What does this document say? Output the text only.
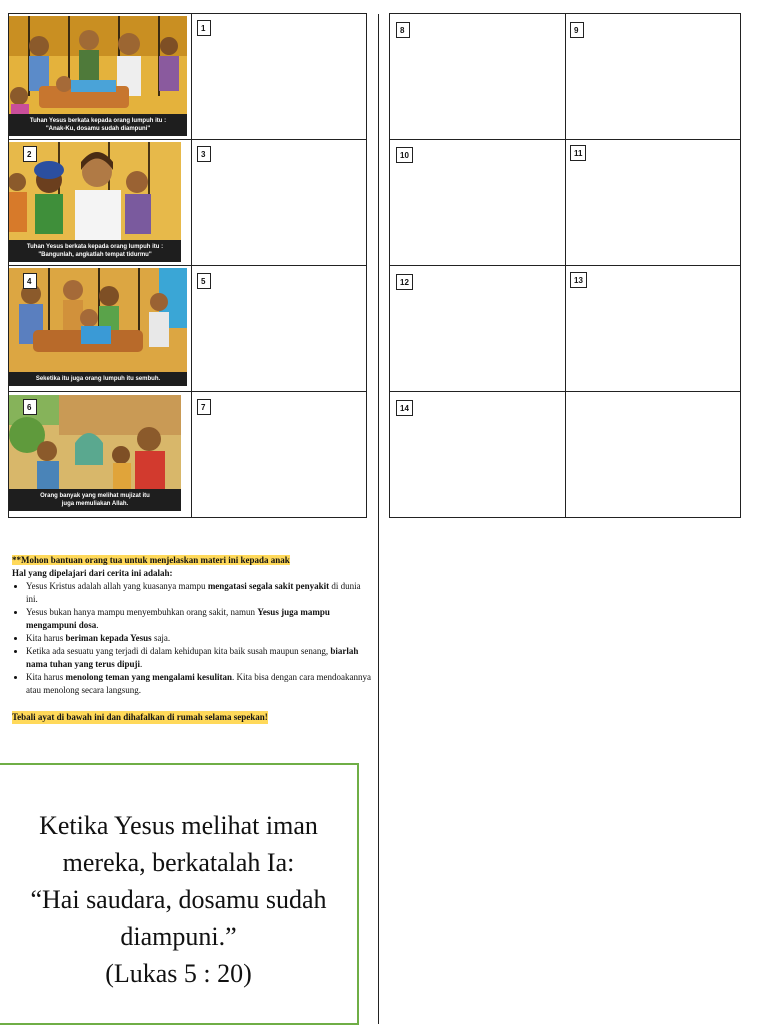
Tuhan Yesus berkata kepada orang lumpuh itu :
"Anak-Ku, dosamu sudah diampuni"
1
Tuhan Yesus berkata kepada orang lumpuh itu :
"Bangunlah, angkatlah tempat tidurmu"
2	3
Seketika itu juga orang lumpuh itu sembuh.
4	5
Orang banyak yang melihat mujizat itu
juga memuliakan Allah.
6	7
8	9
10	11
12	13
14
**Mohon bantuan orang tua untuk menjelaskan materi ini kepada anak
Hal yang dipelajari dari cerita ini adalah:
• Yesus Kristus adalah allah yang kuasanya mampu mengatasi segala sakit penyakit di dunia ini.
• Yesus bukan hanya mampu menyembuhkan orang sakit, namun Yesus juga mampu mengampuni dosa.
• Kita harus beriman kepada Yesus saja.
• Ketika ada sesuatu yang terjadi di dalam kehidupan kita baik susah maupun senang, biarlah nama tuhan yang terus dipuji.
• Kita harus menolong teman yang mengalami kesulitan. Kita bisa dengan cara mendoakannya atau menolong secara langsung.
Tebali ayat di bawah ini dan dihafalkan di rumah selama sepekan!
Ketika Yesus melihat iman
mereka, berkatalah Ia:
“Hai saudara, dosamu sudah
diampuni.”
(Lukas 5 : 20)
